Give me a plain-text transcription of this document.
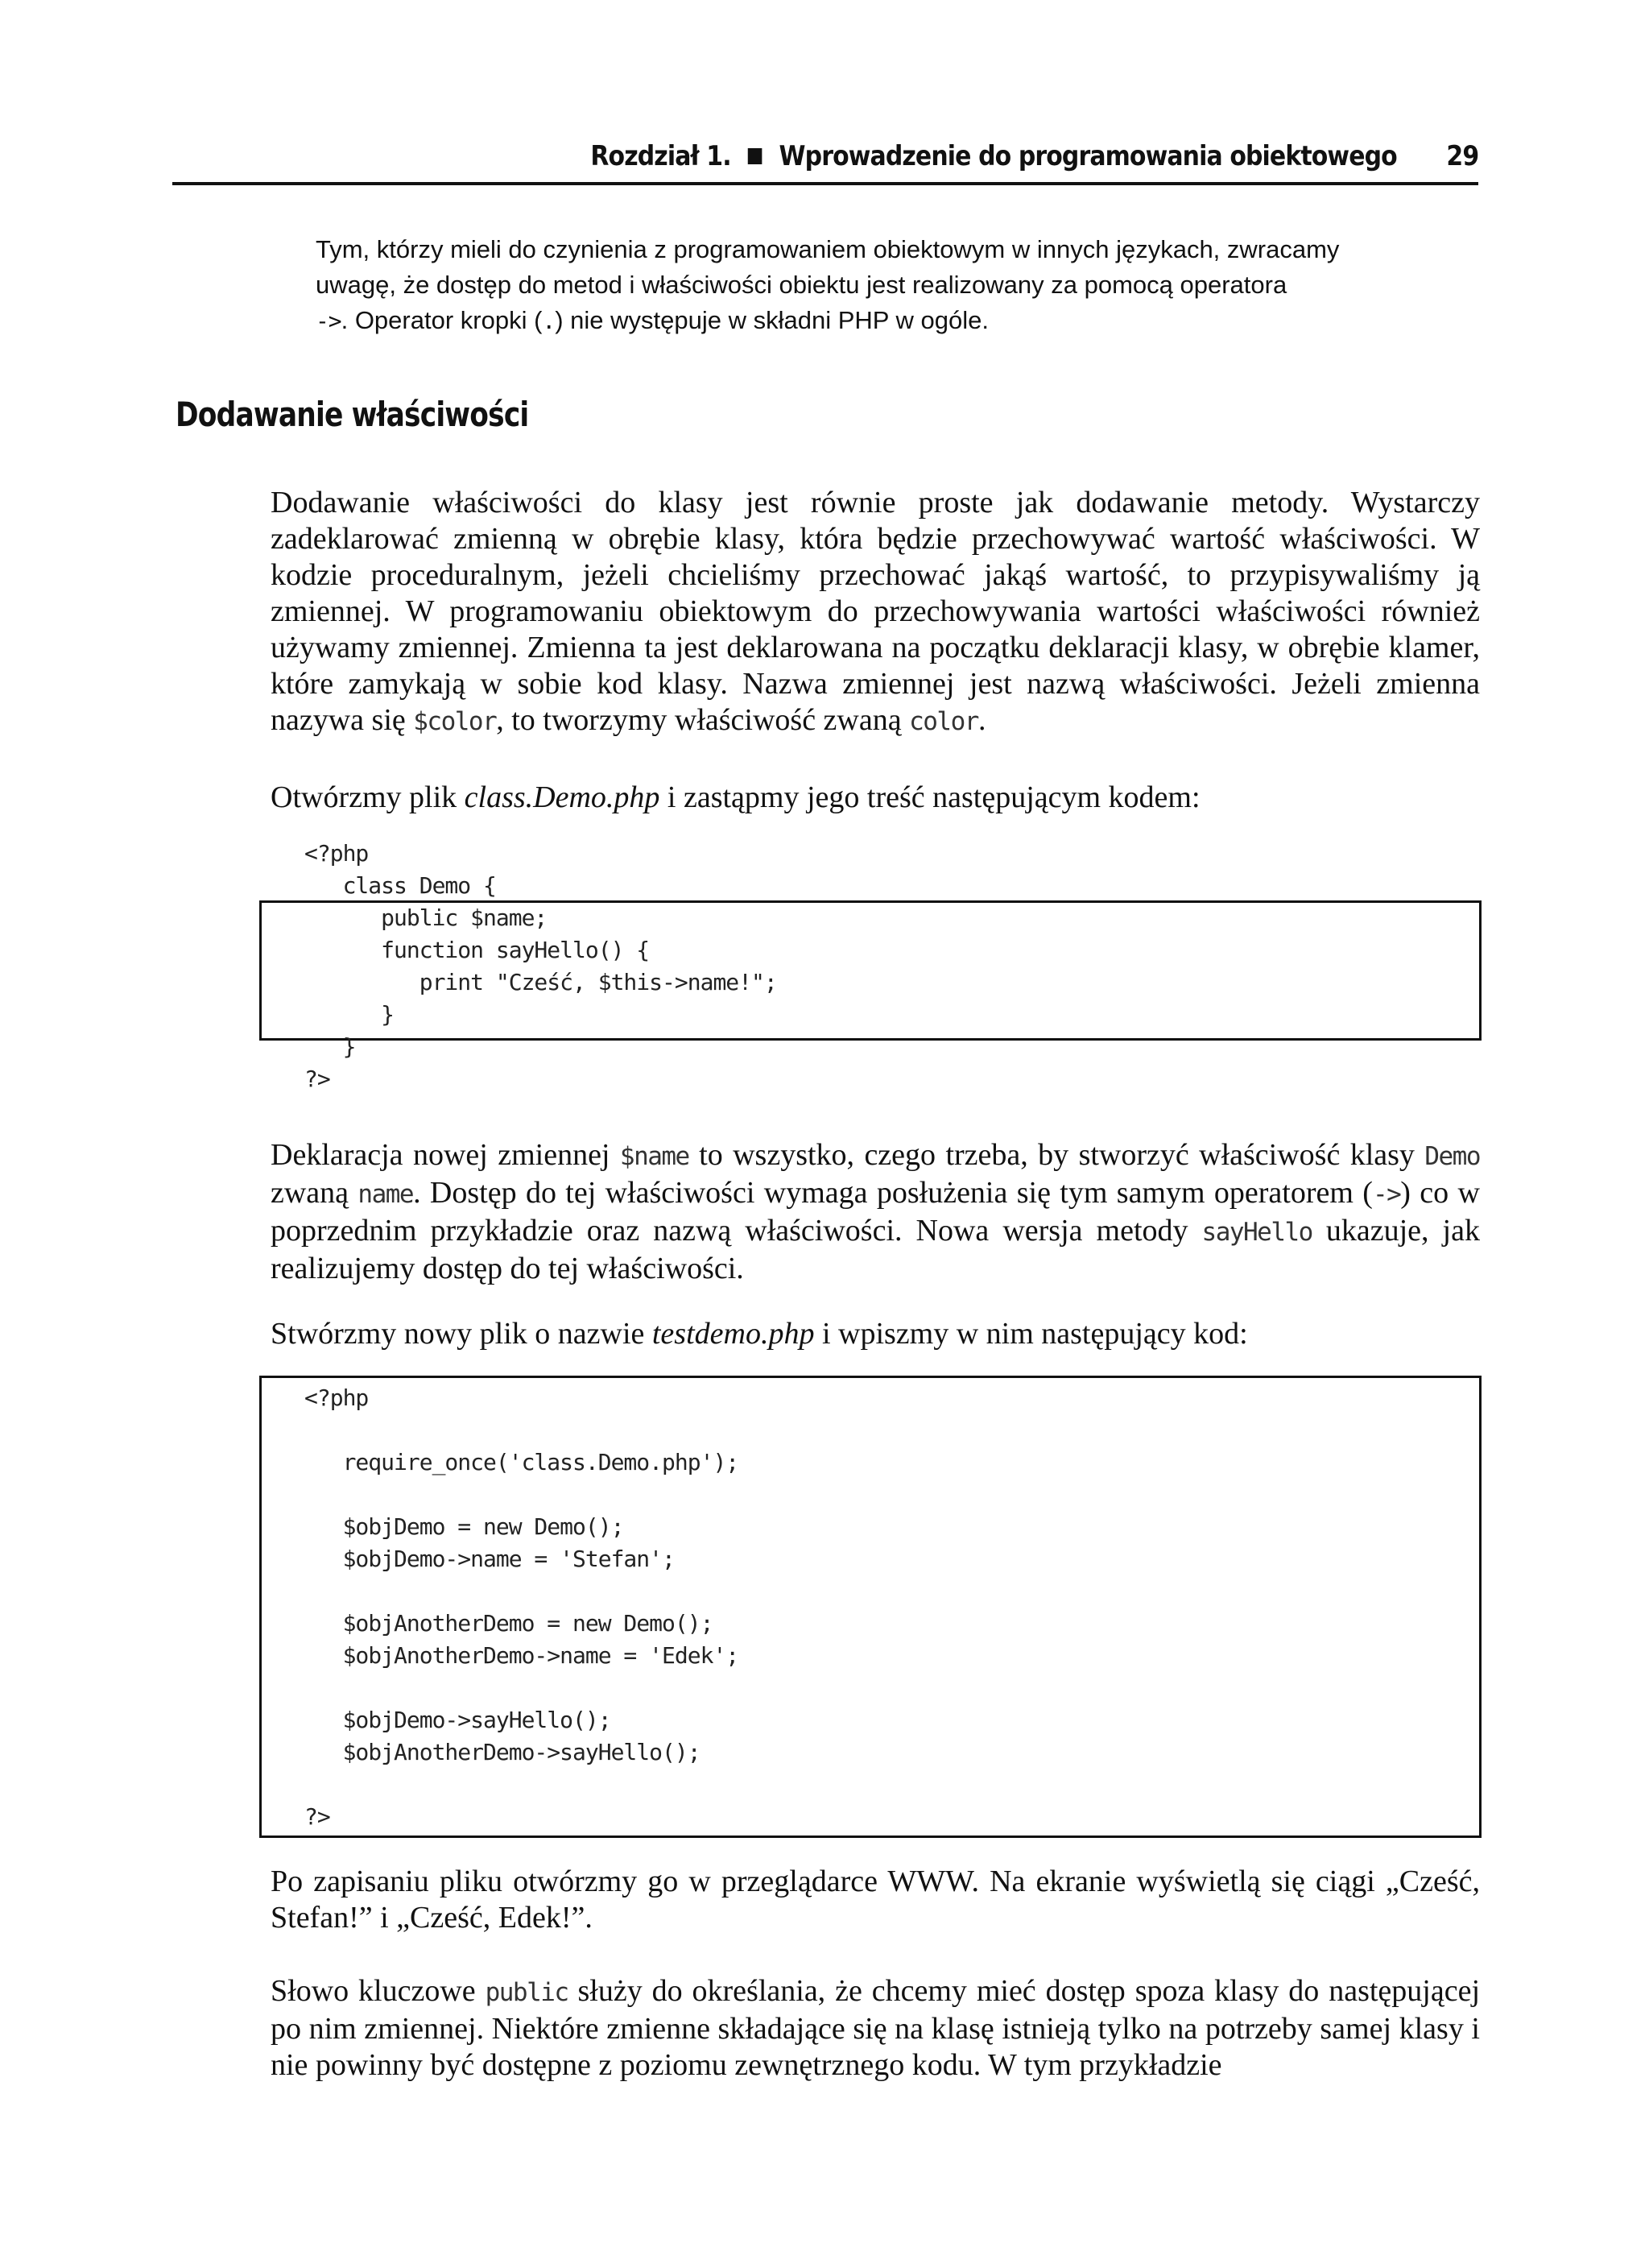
Rozdział 1. Wprowadzenie do programowania obiektowego 29
Tym, którzy mieli do czynienia z programowaniem obiektowym w innych językach, zwracamy
uwagę, że dostęp do metod i właściwości obiektu jest realizowany za pomocą operatora
->. Operator kropki (.) nie występuje w składni PHP w ogóle.
Dodawanie właściwości

Dodawanie właściwości do klasy jest równie proste jak dodawanie metody. Wystarczy zadeklarować zmienną w obrębie klasy, która będzie przechowywać wartość właściwości. W kodzie proceduralnym, jeżeli chcieliśmy przechować jakąś wartość, to przypisywaliśmy ją zmiennej. W programowaniu obiektowym do przechowywania wartości właściwości również używamy zmiennej. Zmienna ta jest deklarowana na początku deklaracji klasy, w obrębie klamer, które zamykają w sobie kod klasy. Nazwa zmiennej jest nazwą właściwości. Jeżeli zmienna nazywa się $color, to tworzymy właściwość zwaną color.

Otwórzmy plik class.Demo.php i zastąpmy jego treść następującym kodem:

<?php
class Demo {
public $name;
function sayHello() {
print "Cześć, $this->name!";
}
}
?>

Deklaracja nowej zmiennej $name to wszystko, czego trzeba, by stworzyć właściwość klasy Demo zwaną name. Dostęp do tej właściwości wymaga posłużenia się tym samym operatorem (->) co w poprzednim przykładzie oraz nazwą właściwości. Nowa wersja metody sayHello ukazuje, jak realizujemy dostęp do tej właściwości.

Stwórzmy nowy plik o nazwie testdemo.php i wpiszmy w nim następujący kod:

<?php

require_once('class.Demo.php');

$objDemo = new Demo();
$objDemo->name = 'Stefan';

$objAnotherDemo = new Demo();
$objAnotherDemo->name = 'Edek';

$objDemo->sayHello();
$objAnotherDemo->sayHello();

?>

Po zapisaniu pliku otwórzmy go w przeglądarce WWW. Na ekranie wyświetlą się ciągi „Cześć, Stefan!” i „Cześć, Edek!”.

Słowo kluczowe public służy do określania, że chcemy mieć dostęp spoza klasy do następującej po nim zmiennej. Niektóre zmienne składające się na klasę istnieją tylko na potrzeby samej klasy i nie powinny być dostępne z poziomu zewnętrznego kodu. W tym przykładzie
